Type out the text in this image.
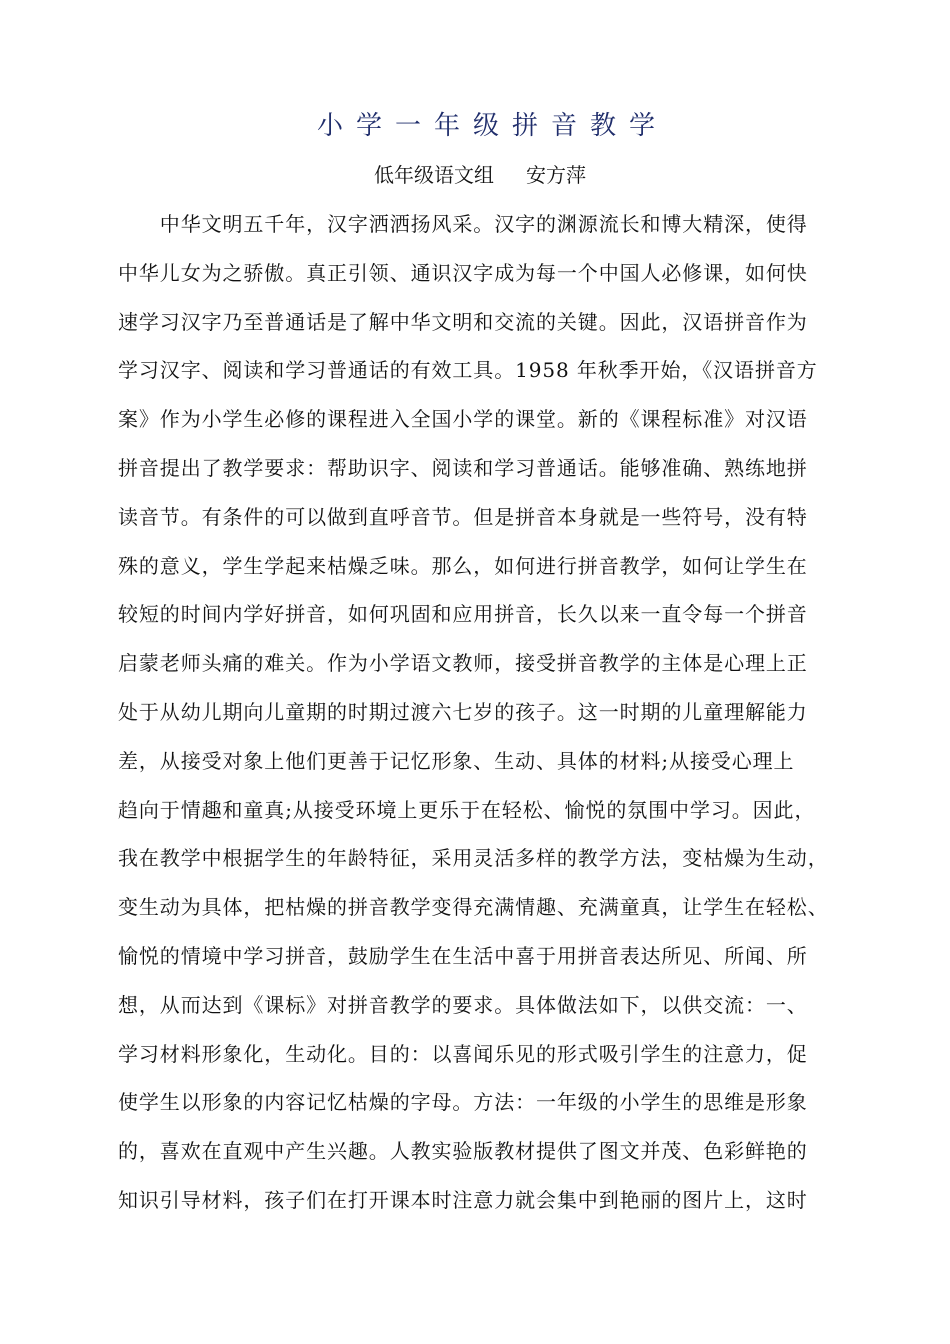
小学一年级拼音教学
低年级语文组 安方萍
　　中华文明五千年，汉字洒洒扬风采。汉字的渊源流长和博大精深，使得
中华儿女为之骄傲。真正引领、通识汉字成为每一个中国人必修课，如何快
速学习汉字乃至普通话是了解中华文明和交流的关键。因此，汉语拼音作为
学习汉字、阅读和学习普通话的有效工具。1958 年秋季开始，《汉语拼音方
案》作为小学生必修的课程进入全国小学的课堂。新的《课程标准》对汉语
拼音提出了教学要求：帮助识字、阅读和学习普通话。能够准确、熟练地拼
读音节。有条件的可以做到直呼音节。但是拼音本身就是一些符号，没有特
殊的意义，学生学起来枯燥乏味。那么，如何进行拼音教学，如何让学生在
较短的时间内学好拼音，如何巩固和应用拼音，长久以来一直令每一个拼音
启蒙老师头痛的难关。作为小学语文教师，接受拼音教学的主体是心理上正
处于从幼儿期向儿童期的时期过渡六七岁的孩子。这一时期的儿童理解能力
差，从接受对象上他们更善于记忆形象、生动、具体的材料;从接受心理上
趋向于情趣和童真;从接受环境上更乐于在轻松、愉悦的氛围中学习。因此，
我在教学中根据学生的年龄特征，采用灵活多样的教学方法，变枯燥为生动，
变生动为具体，把枯燥的拼音教学变得充满情趣、充满童真，让学生在轻松、
愉悦的情境中学习拼音，鼓励学生在生活中喜于用拼音表达所见、所闻、所
想，从而达到《课标》对拼音教学的要求。具体做法如下，以供交流：一、
学习材料形象化，生动化。目的：以喜闻乐见的形式吸引学生的注意力，促
使学生以形象的内容记忆枯燥的字母。方法：一年级的小学生的思维是形象
的，喜欢在直观中产生兴趣。人教实验版教材提供了图文并茂、色彩鲜艳的
知识引导材料，孩子们在打开课本时注意力就会集中到艳丽的图片上，这时
